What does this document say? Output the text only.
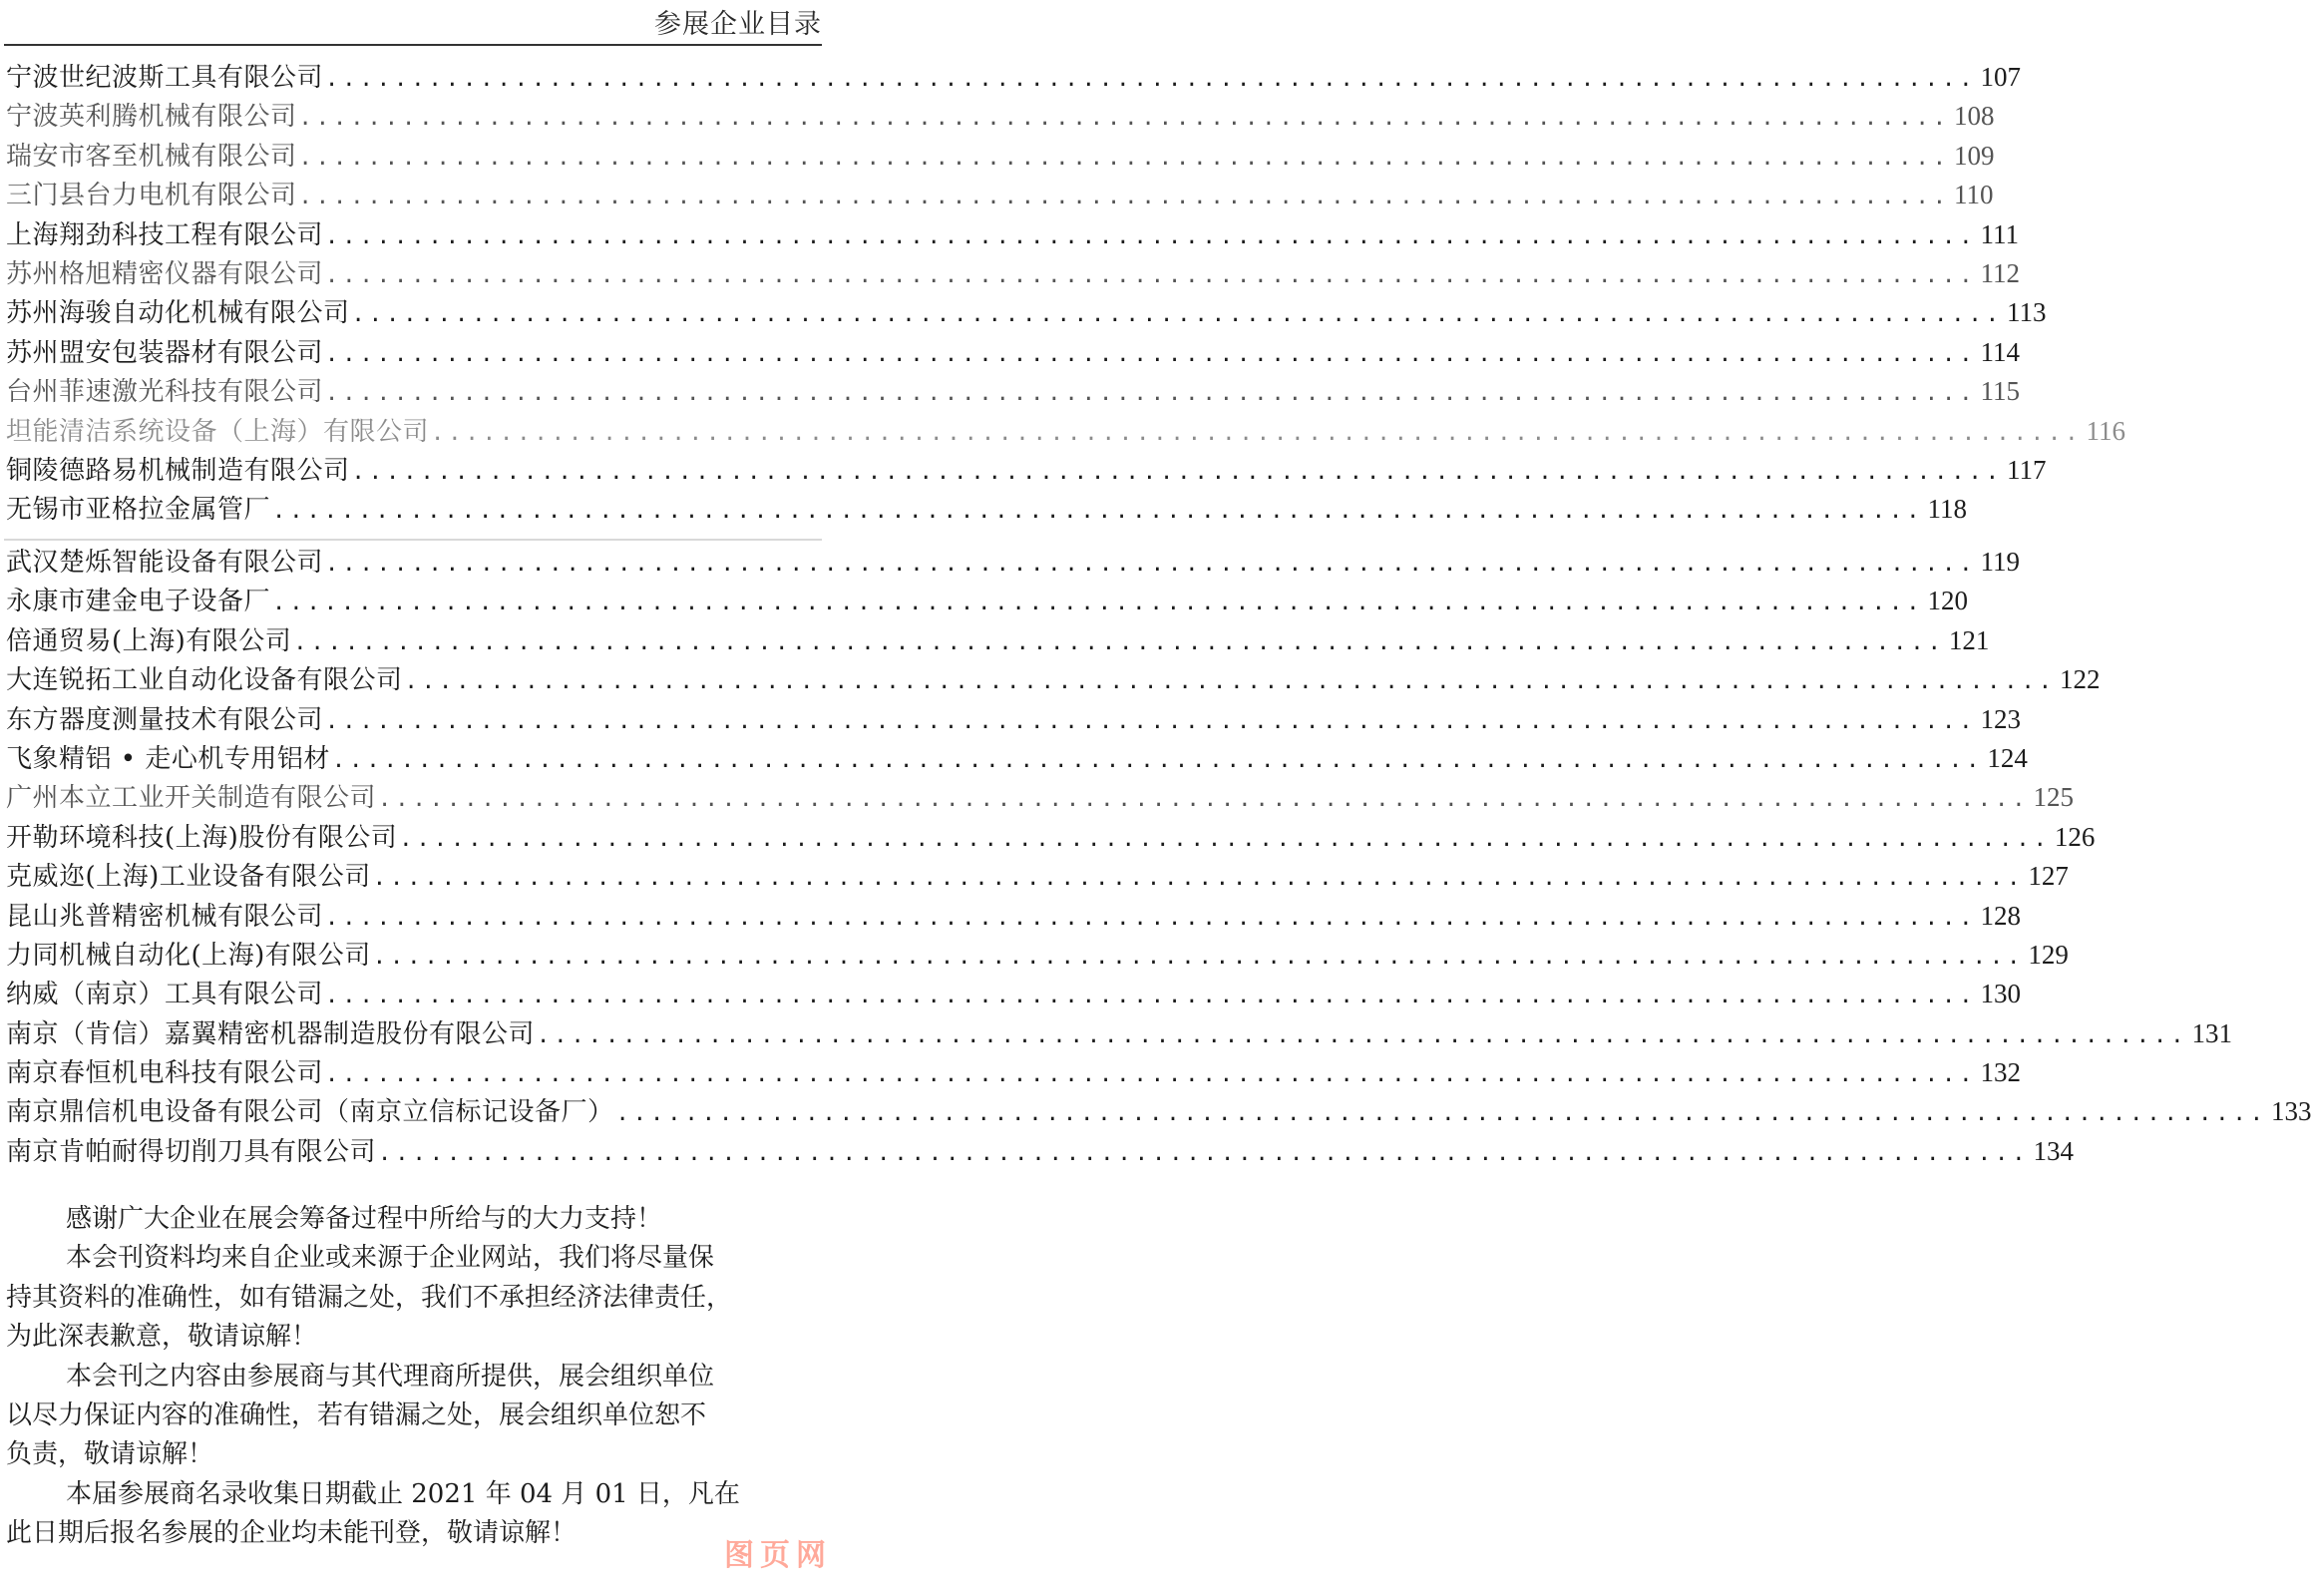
参展企业目录
宁波世纪波斯工具有限公司 ................................................................................................ 107
宁波英利腾机械有限公司 ................................................................................................ 108
瑞安市客至机械有限公司 ................................................................................................ 109
三门县台力电机有限公司 ................................................................................................ 110
上海翔劲科技工程有限公司 ................................................................................................ 111
苏州格旭精密仪器有限公司 ................................................................................................ 112
苏州海骏自动化机械有限公司 ................................................................................................ 113
苏州盟安包装器材有限公司 ................................................................................................ 114
台州菲速激光科技有限公司 ................................................................................................ 115
坦能清洁系统设备（上海）有限公司 ................................................................................................ 116
铜陵德路易机械制造有限公司 ................................................................................................ 117
无锡市亚格拉金属管厂 ................................................................................................ 118
武汉楚烁智能设备有限公司 ................................................................................................ 119
永康市建金电子设备厂 ................................................................................................ 120
倍通贸易(上海)有限公司 ................................................................................................ 121
大连锐拓工业自动化设备有限公司 ................................................................................................ 122
东方器度测量技术有限公司 ................................................................................................ 123
飞象精铝 • 走心机专用铝材 ................................................................................................ 124
广州本立工业开关制造有限公司 ................................................................................................ 125
开勒环境科技(上海)股份有限公司 ................................................................................................ 126
克威迩(上海)工业设备有限公司 ................................................................................................ 127
昆山兆普精密机械有限公司 ................................................................................................ 128
力同机械自动化(上海)有限公司 ................................................................................................ 129
纳威（南京）工具有限公司 ................................................................................................ 130
南京（肯信）嘉翼精密机器制造股份有限公司 ................................................................................................ 131
南京春恒机电科技有限公司 ................................................................................................ 132
南京鼎信机电设备有限公司（南京立信标记设备厂） ................................................................................................ 133
南京肯帕耐得切削刀具有限公司 ................................................................................................ 134
感谢广大企业在展会筹备过程中所给与的大力支持！
本会刊资料均来自企业或来源于企业网站，我们将尽量保
持其资料的准确性，如有错漏之处，我们不承担经济法律责任，
为此深表歉意，敬请谅解！
本会刊之内容由参展商与其代理商所提供，展会组织单位
以尽力保证内容的准确性，若有错漏之处，展会组织单位恕不
负责，敬请谅解！
本届参展商名录收集日期截止 2021 年 04 月 01 日，凡在
此日期后报名参展的企业均未能刊登，敬请谅解！
图页网
